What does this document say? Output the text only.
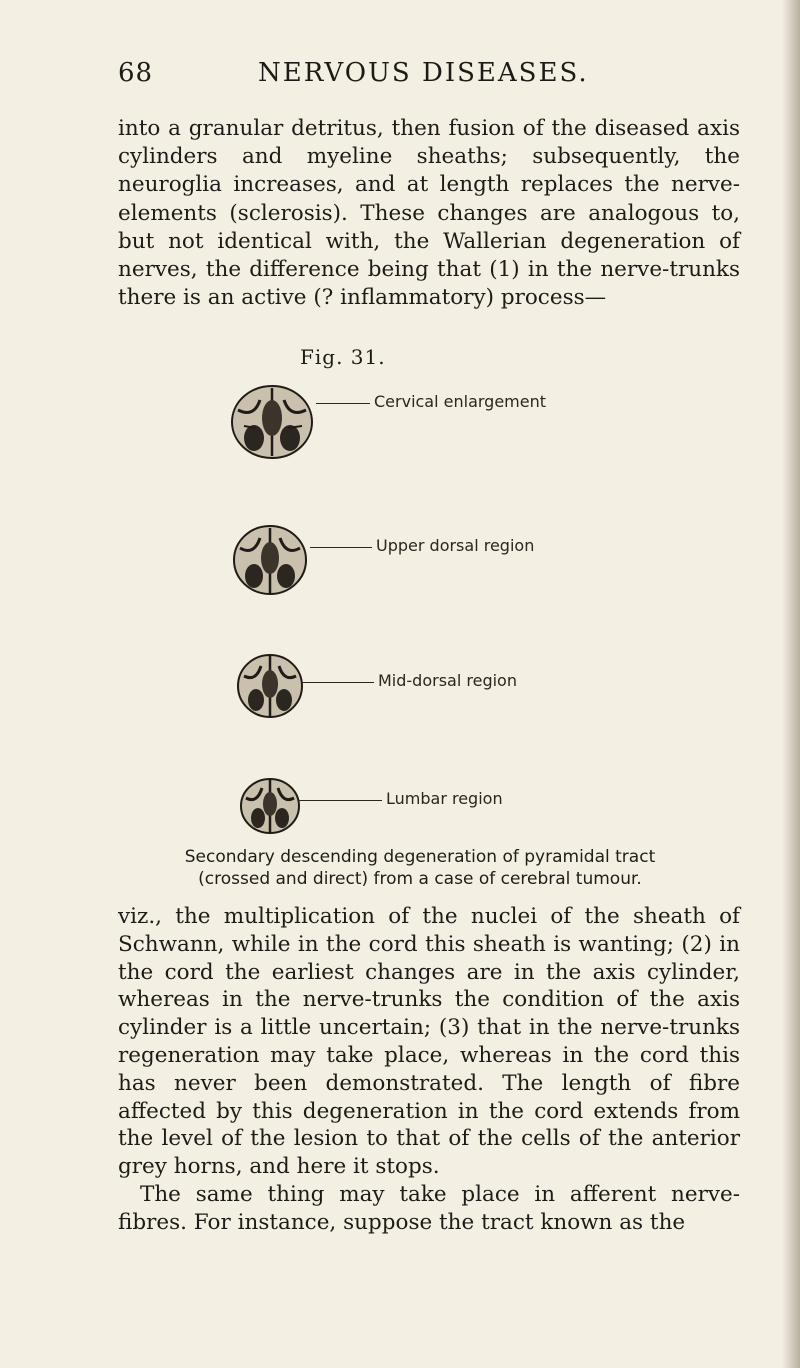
68	NERVOUS DISEASES.

into a granular detritus, then fusion of the diseased axis cylinders and myeline sheaths; subsequently, the neuroglia increases, and at length replaces the nerve-elements (sclerosis). These changes are analogous to, but not identical with, the Wallerian degeneration of nerves, the difference being that (1) in the nerve-trunks there is an active (? inflammatory) process—

Fig. 31.
Cervical enlargement
Upper dorsal region
Mid-dorsal region
Lumbar region
Secondary descending degeneration of pyramidal tract
(crossed and direct) from a case of cerebral tumour.

viz., the multiplication of the nuclei of the sheath of Schwann, while in the cord this sheath is wanting; (2) in the cord the earliest changes are in the axis cylinder, whereas in the nerve-trunks the condition of the axis cylinder is a little uncertain; (3) that in the nerve-trunks regeneration may take place, whereas in the cord this has never been demonstrated. The length of fibre affected by this degeneration in the cord extends from the level of the lesion to that of the cells of the anterior grey horns, and here it stops.
The same thing may take place in afferent nerve-fibres. For instance, suppose the tract known as the
